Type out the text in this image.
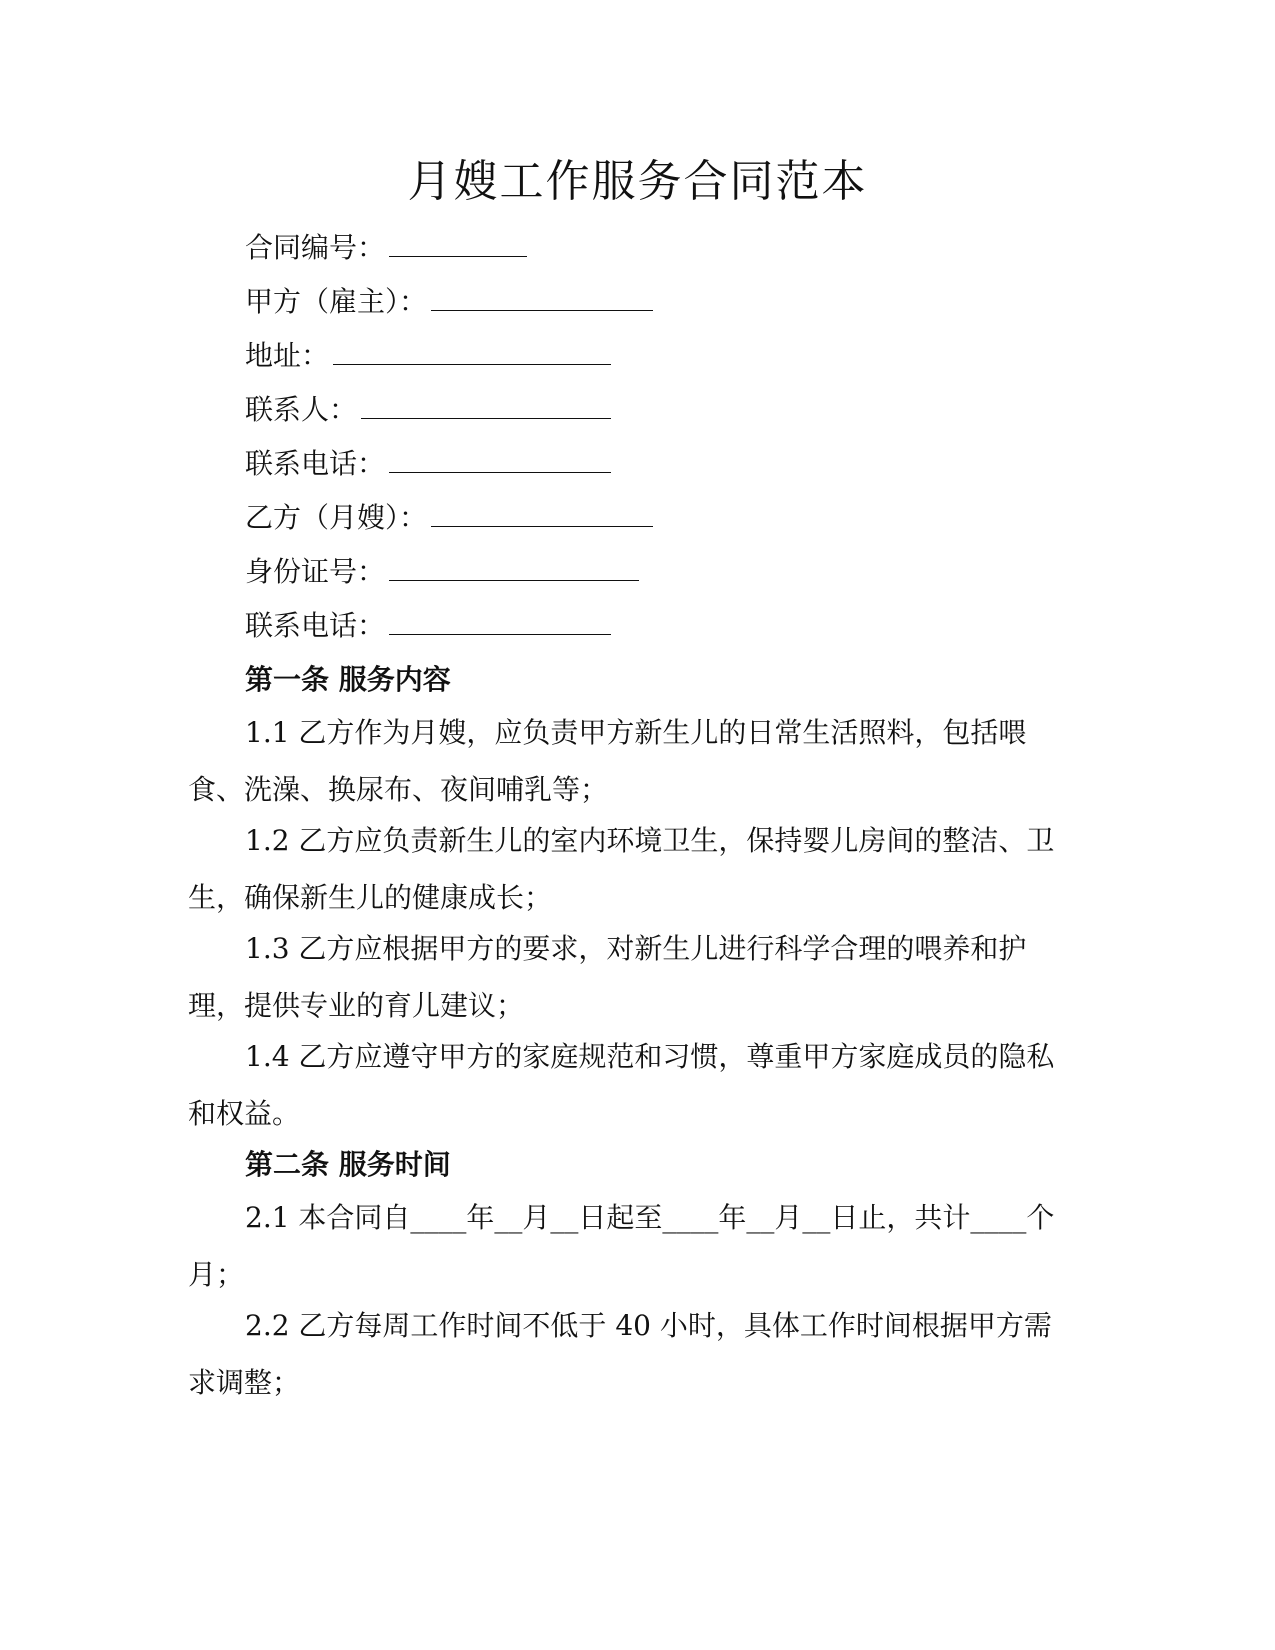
月嫂工作服务合同范本
合同编号：
甲方（雇主）：
地址：
联系人：
联系电话：
乙方（月嫂）：
身份证号：
联系电话：
第一条 服务内容

1.1 乙方作为月嫂，应负责甲方新生儿的日常生活照料，包括喂食、洗澡、换尿布、夜间哺乳等；

1.2 乙方应负责新生儿的室内环境卫生，保持婴儿房间的整洁、卫生，确保新生儿的健康成长；

1.3 乙方应根据甲方的要求，对新生儿进行科学合理的喂养和护理，提供专业的育儿建议；

1.4 乙方应遵守甲方的家庭规范和习惯，尊重甲方家庭成员的隐私和权益。

第二条 服务时间

2.1 本合同自____年__月__日起至____年__月__日止，共计____个月；

2.2 乙方每周工作时间不低于 40 小时，具体工作时间根据甲方需求调整；
